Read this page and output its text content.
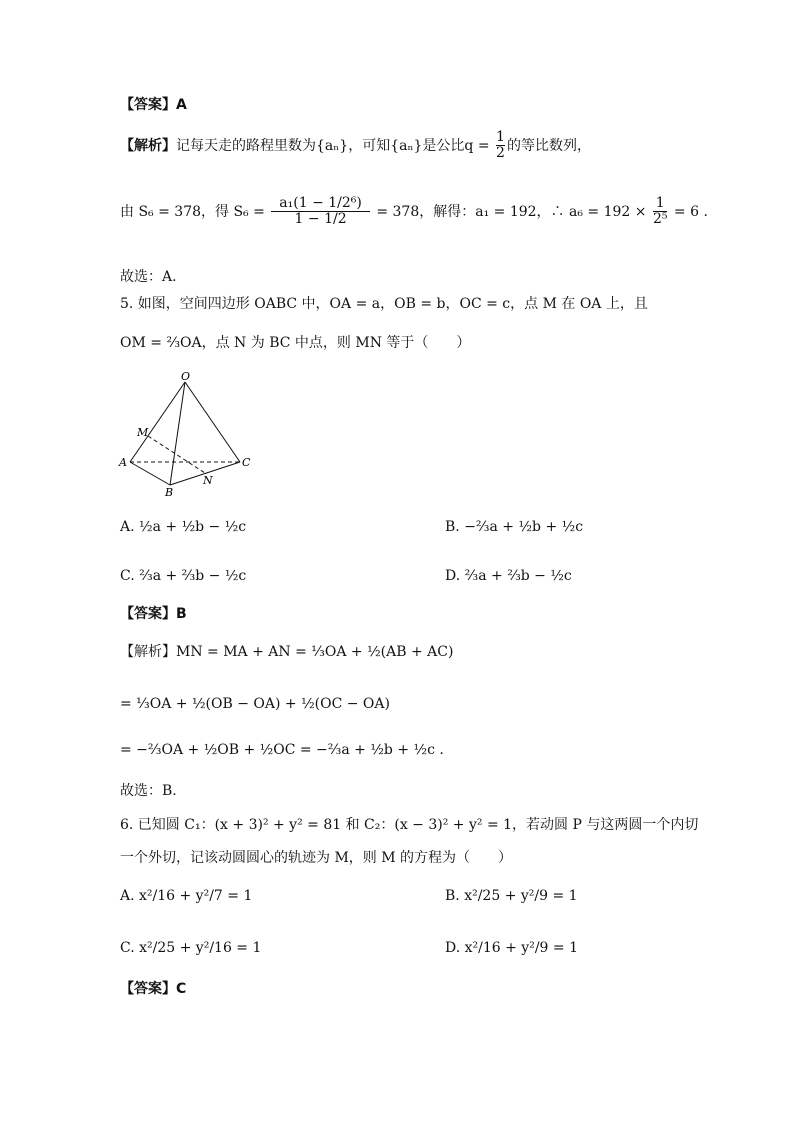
【答案】A
【解析】记每天走的路程里数为{aₙ}，可知{aₙ}是公比$q = \frac{1}{2}$ 的等比数列，
由 S₆ = 378，得 $S_6 = \frac{\text{a₁(1 − 1/2⁶)}}{1 - 1/2} = 378$，解得：a₁ = 192，∴ $a_6 = 192 \times \frac{1}{\text{2⁵}} = 6$ .
故选：A．
5. 如图，空间四边形 OABC 中，OA = a，OB = b，OC = c，点 M 在 OA 上，且
OM = ⅔OA，点 N 为 BC 中点，则 MN 等于（　　）
O
M
A
B
C
N
A. ½a + ½b − ½c	B. −⅔a + ½b + ½c
C. ⅔a + ⅔b − ½c	D. ⅔a + ⅔b − ½c
【答案】B
【解析】MN = MA + AN = ⅓OA + ½(AB + AC)
= ⅓OA + ½(OB − OA) + ½(OC − OA)
= −⅔OA + ½OB + ½OC = −⅔a + ½b + ½c .
故选：B.
6. 已知圆 C₁：(x + 3)² + y² = 81 和 C₂：(x − 3)² + y² = 1，若动圆 P 与这两圆一个内切
一个外切，记该动圆圆心的轨迹为 M，则 M 的方程为（　　）
A. x²/16 + y²/7 = 1	B. x²/25 + y²/9 = 1
C. x²/25 + y²/16 = 1	D. x²/16 + y²/9 = 1
【答案】C
